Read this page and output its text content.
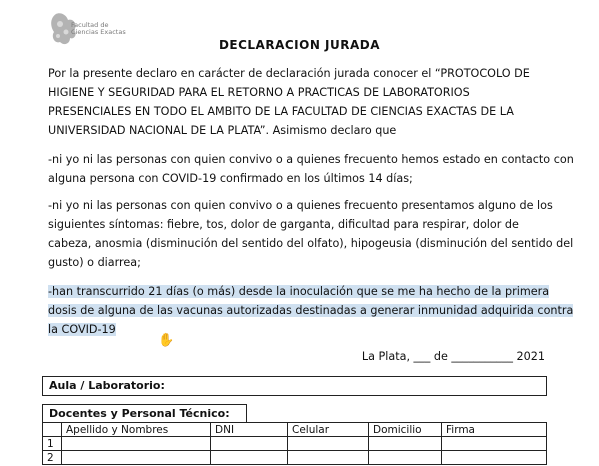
Facultad de
Ciencias Exactas
DECLARACION JURADA
Por la presente declaro en carácter de declaración jurada conocer el “PROTOCOLO DE
HIGIENE Y SEGURIDAD PARA EL RETORNO A PRACTICAS DE LABORATORIOS
PRESENCIALES EN TODO EL AMBITO DE LA FACULTAD DE CIENCIAS EXACTAS DE LA
UNIVERSIDAD NACIONAL DE LA PLATA”. Asimismo declaro que
-ni yo ni las personas con quien convivo o a quienes frecuento hemos estado en contacto con
alguna persona con COVID-19 confirmado en los últimos 14 días;
-ni yo ni las personas con quien convivo o a quienes frecuento presentamos alguno de los
siguientes síntomas: fiebre, tos, dolor de garganta, dificultad para respirar, dolor de
cabeza, anosmia (disminución del sentido del olfato), hipogeusia (disminución del sentido del
gusto) o diarrea;
-han transcurrido 21 días (o más) desde la inoculación que se me ha hecho de la primera
dosis de alguna de las vacunas autorizadas destinadas a generar inmunidad adquirida contra
la COVID-19
✋
La Plata, ___ de ___________ 2021
Aula / Laboratorio:
Docentes y Personal Técnico:
	Apellido y Nombres	DNI	Celular	Domicilio	Firma
1					
2					
